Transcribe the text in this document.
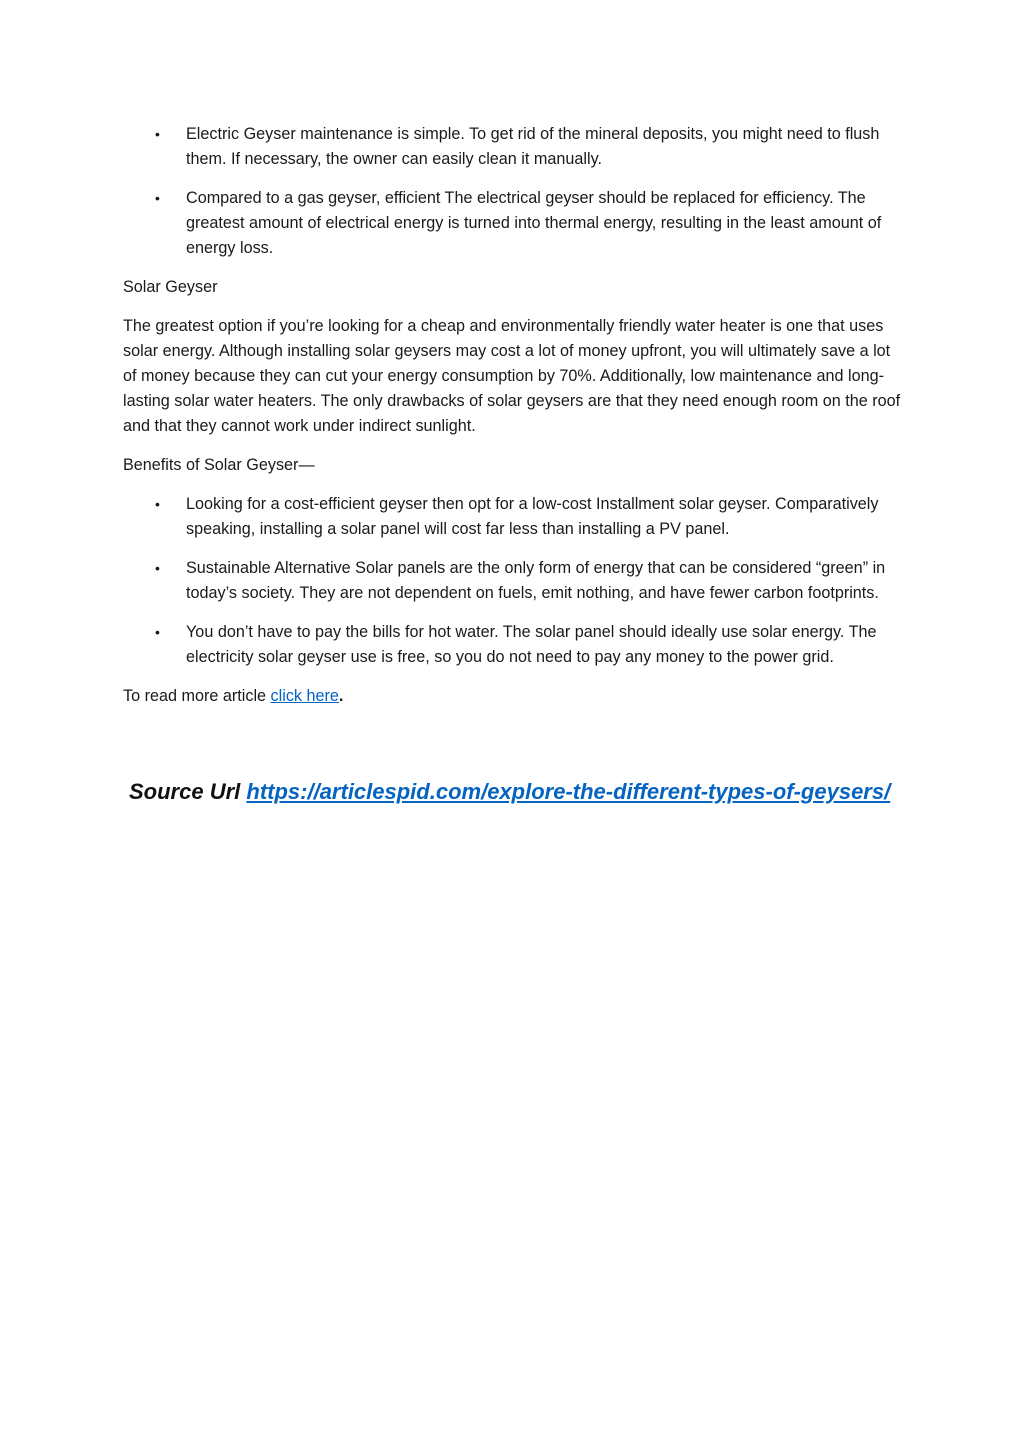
• Electric Geyser maintenance is simple. To get rid of the mineral deposits, you might need to flush them. If necessary, the owner can easily clean it manually.
• Compared to a gas geyser, efficient The electrical geyser should be replaced for efficiency. The greatest amount of electrical energy is turned into thermal energy, resulting in the least amount of energy loss.

Solar Geyser

The greatest option if you’re looking for a cheap and environmentally friendly water heater is one that uses solar energy. Although installing solar geysers may cost a lot of money upfront, you will ultimately save a lot of money because they can cut your energy consumption by 70%. Additionally, low maintenance and long-lasting solar water heaters. The only drawbacks of solar geysers are that they need enough room on the roof and that they cannot work under indirect sunlight.

Benefits of Solar Geyser—

• Looking for a cost-efficient geyser then opt for a low-cost Installment solar geyser. Comparatively speaking, installing a solar panel will cost far less than installing a PV panel.
• Sustainable Alternative Solar panels are the only form of energy that can be considered “green” in today’s society. They are not dependent on fuels, emit nothing, and have fewer carbon footprints.
• You don’t have to pay the bills for hot water. The solar panel should ideally use solar energy. The electricity solar geyser use is free, so you do not need to pay any money to the power grid.

To read more article click here.

Source Url https://articlespid.com/explore-the-different-types-of-geysers/
